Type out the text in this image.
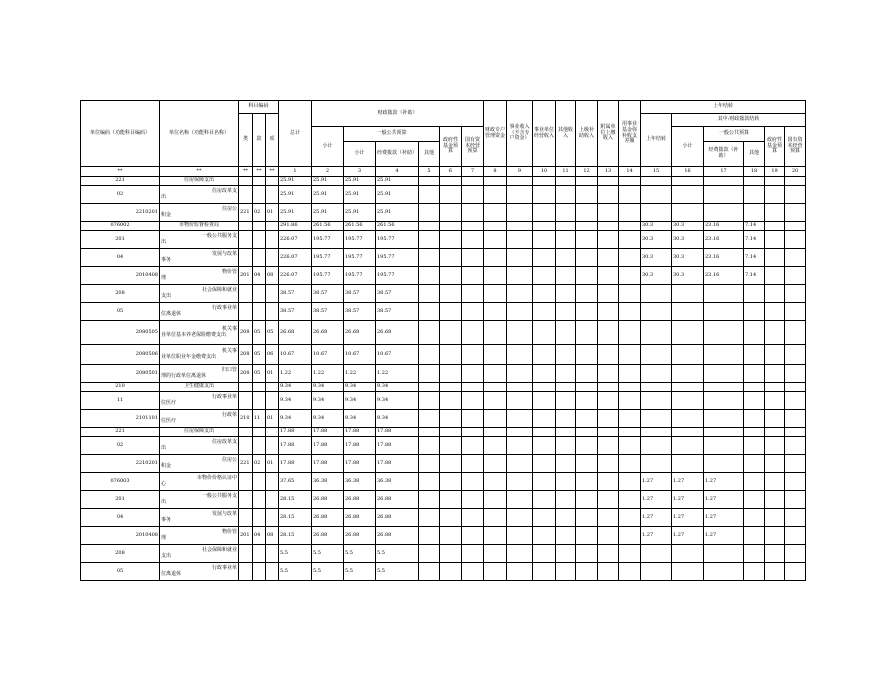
单位编码（功能科目编码）	单位名称（功能科目名称）	科目编码			总计	财政拨款（补助）						财政专户管理资金	事业收入（不含专户资金）	事业单位经营收入	其他收入	上级补助收入	附属单位上缴收入	用事业基金弥补收支差额	上年结转					
		类	款	项															上年结转	其中:财政拨款结转				
						小计	一般公共预算			政府性基金预算	国有资本经营预算									小计	一般公共预算		政府性基金预算	国有资本经营预算
							小计	经费拨款（补助）	其他												经费拨款（补助）	其他		
**	**	**	**	**	1	2	3	4	5	6	7	8	9	10	11	12	13	14	15	16	17	18	19	20
221	住房保障支出				25.91	25.91	25.91	25.91																
02	住房改革支
出				25.91	25.91	25.91	25.91																
2210201	住房公
积金	221	02	01	25.91	25.91	25.91	25.91																
076002	市物价监督检查局				291.86	261.56	261.56	261.56											30.3	30.3	23.16	7.14		
201	一般公共服务支
出				226.07	195.77	195.77	195.77											30.3	30.3	23.16	7.14		
04	发展与改革
事务				226.07	195.77	195.77	195.77											30.3	30.3	23.16	7.14		
2010408	物价管
理	201	04	08	226.07	195.77	195.77	195.77											30.3	30.3	23.16	7.14		
208	社会保障和就业
支出				38.57	38.57	38.57	38.57																
05	行政事业单
位离退休				38.57	38.57	38.57	38.57																
2080505	机关事
业单位基本养老保险缴费支出	208	05	05	26.68	26.68	26.68	26.68																
2080506	机关事
业单位职业年金缴费支出	208	05	06	10.67	10.67	10.67	10.67																
2080501	归口管
理的行政单位离退休	208	05	01	1.22	1.22	1.22	1.22																
210	卫生健康支出				9.34	9.34	9.34	9.34																
11	行政事业单
位医疗				9.34	9.34	9.34	9.34																
2101101	行政单
位医疗	210	11	01	9.34	9.34	9.34	9.34																
221	住房保障支出				17.88	17.88	17.88	17.88																
02	住房改革支
出				17.88	17.88	17.88	17.88																
2210201	住房公
积金	221	02	01	17.88	17.88	17.88	17.88																
076003	市物价价格认证中
心				37.65	36.38	36.38	36.38											1.27	1.27	1.27			
201	一般公共服务支
出				28.15	26.88	26.88	26.88											1.27	1.27	1.27			
04	发展与改革
事务				28.15	26.88	26.88	26.88											1.27	1.27	1.27			
2010408	物价管
理	201	04	08	28.15	26.88	26.88	26.88											1.27	1.27	1.27			
208	社会保障和就业
支出				5.5	5.5	5.5	5.5																
05	行政事业单
位离退休				5.5	5.5	5.5	5.5																
